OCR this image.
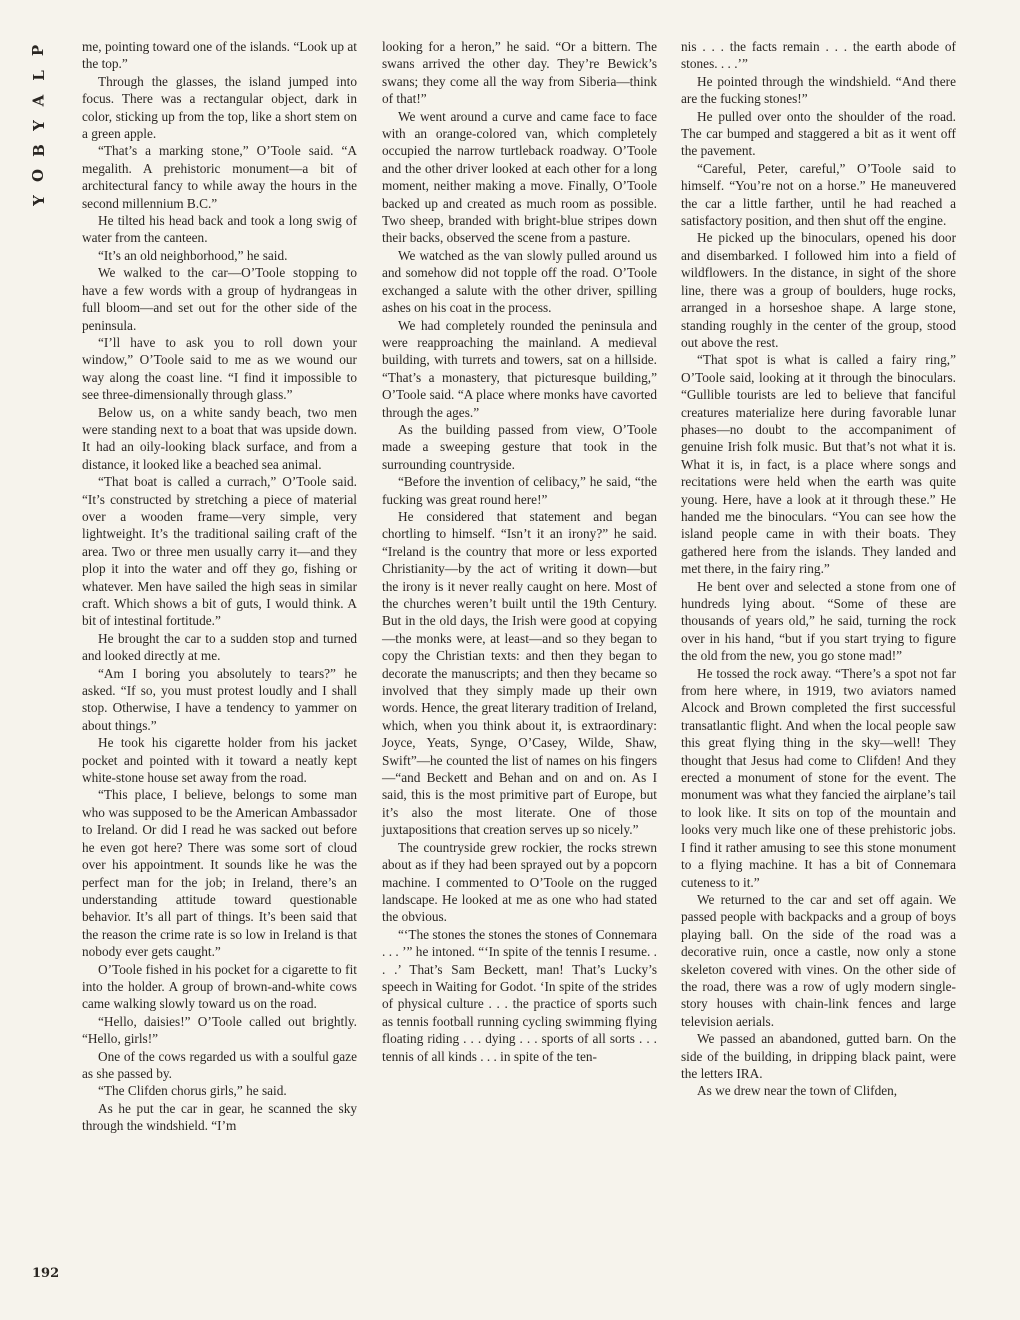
P
L
A
Y
B
O
Y
192

me, pointing toward one of the islands. “Look up at the top.”

Through the glasses, the island jumped into focus. There was a rectangular object, dark in color, sticking up from the top, like a short stem on a green apple.

“That’s a marking stone,” O’Toole said. “A megalith. A prehistoric monument—a bit of architectural fancy to while away the hours in the second millennium B.C.”

He tilted his head back and took a long swig of water from the canteen.

“It’s an old neighborhood,” he said.

We walked to the car—O’Toole stopping to have a few words with a group of hydrangeas in full bloom—and set out for the other side of the peninsula.

“I’ll have to ask you to roll down your window,” O’Toole said to me as we wound our way along the coast line. “I find it impossible to see three-dimensionally through glass.”

Below us, on a white sandy beach, two men were standing next to a boat that was upside down. It had an oily-looking black surface, and from a distance, it looked like a beached sea animal.

“That boat is called a currach,” O’Toole said. “It’s constructed by stretching a piece of material over a wooden frame—very simple, very lightweight. It’s the traditional sailing craft of the area. Two or three men usually carry it—and they plop it into the water and off they go, fishing or whatever. Men have sailed the high seas in similar craft. Which shows a bit of guts, I would think. A bit of intestinal fortitude.”

He brought the car to a sudden stop and turned and looked directly at me.

“Am I boring you absolutely to tears?” he asked. “If so, you must protest loudly and I shall stop. Otherwise, I have a tendency to yammer on about things.”

He took his cigarette holder from his jacket pocket and pointed with it toward a neatly kept white-stone house set away from the road.

“This place, I believe, belongs to some man who was supposed to be the American Ambassador to Ireland. Or did I read he was sacked out before he even got here? There was some sort of cloud over his appointment. It sounds like he was the perfect man for the job; in Ireland, there’s an understanding attitude toward questionable behavior. It’s all part of things. It’s been said that the reason the crime rate is so low in Ireland is that nobody ever gets caught.”

O’Toole fished in his pocket for a cigarette to fit into the holder. A group of brown-and-white cows came walking slowly toward us on the road.

“Hello, daisies!” O’Toole called out brightly. “Hello, girls!”

One of the cows regarded us with a soulful gaze as she passed by.

“The Clifden chorus girls,” he said.

As he put the car in gear, he scanned the sky through the windshield. “I’m

looking for a heron,” he said. “Or a bittern. The swans arrived the other day. They’re Bewick’s swans; they come all the way from Siberia—think of that!”

We went around a curve and came face to face with an orange-colored van, which completely occupied the narrow turtleback roadway. O’Toole and the other driver looked at each other for a long moment, neither making a move. Finally, O’Toole backed up and created as much room as possible. Two sheep, branded with bright-blue stripes down their backs, observed the scene from a pasture.

We watched as the van slowly pulled around us and somehow did not topple off the road. O’Toole exchanged a salute with the other driver, spilling ashes on his coat in the process.

We had completely rounded the peninsula and were reapproaching the mainland. A medieval building, with turrets and towers, sat on a hillside. “That’s a monastery, that picturesque building,” O’Toole said. “A place where monks have cavorted through the ages.”

As the building passed from view, O’Toole made a sweeping gesture that took in the surrounding countryside.

“Before the invention of celibacy,” he said, “the fucking was great round here!”

He considered that statement and began chortling to himself. “Isn’t it an irony?” he said. “Ireland is the country that more or less exported Christianity—by the act of writing it down—but the irony is it never really caught on here. Most of the churches weren’t built until the 19th Century. But in the old days, the Irish were good at copying—the monks were, at least—and so they began to copy the Christian texts: and then they began to decorate the manuscripts; and then they became so involved that they simply made up their own words. Hence, the great literary tradition of Ireland, which, when you think about it, is extraordinary: Joyce, Yeats, Synge, O’Casey, Wilde, Shaw, Swift”—he counted the list of names on his fingers—“and Beckett and Behan and on and on. As I said, this is the most primitive part of Europe, but it’s also the most literate. One of those juxtapositions that creation serves up so nicely.”

The countryside grew rockier, the rocks strewn about as if they had been sprayed out by a popcorn machine. I commented to O’Toole on the rugged landscape. He looked at me as one who had stated the obvious.

“‘The stones the stones the stones of Connemara . . . ’” he intoned. “‘In spite of the tennis I resume. . . .’ That’s Sam Beckett, man! That’s Lucky’s speech in Waiting for Godot. ‘In spite of the strides of physical culture . . . the practice of sports such as tennis football running cycling swimming flying floating riding . . . dying . . . sports of all sorts . . . tennis of all kinds . . . in spite of the ten-

nis . . . the facts remain . . . the earth abode of stones. . . .’”

He pointed through the windshield. “And there are the fucking stones!”

He pulled over onto the shoulder of the road. The car bumped and staggered a bit as it went off the pavement.

“Careful, Peter, careful,” O’Toole said to himself. “You’re not on a horse.” He maneuvered the car a little farther, until he had reached a satisfactory position, and then shut off the engine.

He picked up the binoculars, opened his door and disembarked. I followed him into a field of wildflowers. In the distance, in sight of the shore line, there was a group of boulders, huge rocks, arranged in a horseshoe shape. A large stone, standing roughly in the center of the group, stood out above the rest.

“That spot is what is called a fairy ring,” O’Toole said, looking at it through the binoculars. “Gullible tourists are led to believe that fanciful creatures materialize here during favorable lunar phases—no doubt to the accompaniment of genuine Irish folk music. But that’s not what it is. What it is, in fact, is a place where songs and recitations were held when the earth was quite young. Here, have a look at it through these.” He handed me the binoculars. “You can see how the island people came in with their boats. They gathered here from the islands. They landed and met there, in the fairy ring.”

He bent over and selected a stone from one of hundreds lying about. “Some of these are thousands of years old,” he said, turning the rock over in his hand, “but if you start trying to figure the old from the new, you go stone mad!”

He tossed the rock away. “There’s a spot not far from here where, in 1919, two aviators named Alcock and Brown completed the first successful transatlantic flight. And when the local people saw this great flying thing in the sky—well! They thought that Jesus had come to Clifden! And they erected a monument of stone for the event. The monument was what they fancied the airplane’s tail to look like. It sits on top of the mountain and looks very much like one of these prehistoric jobs. I find it rather amusing to see this stone monument to a flying machine. It has a bit of Connemara cuteness to it.”

We returned to the car and set off again. We passed people with backpacks and a group of boys playing ball. On the side of the road was a decorative ruin, once a castle, now only a stone skeleton covered with vines. On the other side of the road, there was a row of ugly modern single-story houses with chain-link fences and large television aerials.

We passed an abandoned, gutted barn. On the side of the building, in dripping black paint, were the letters IRA.

As we drew near the town of Clifden,
